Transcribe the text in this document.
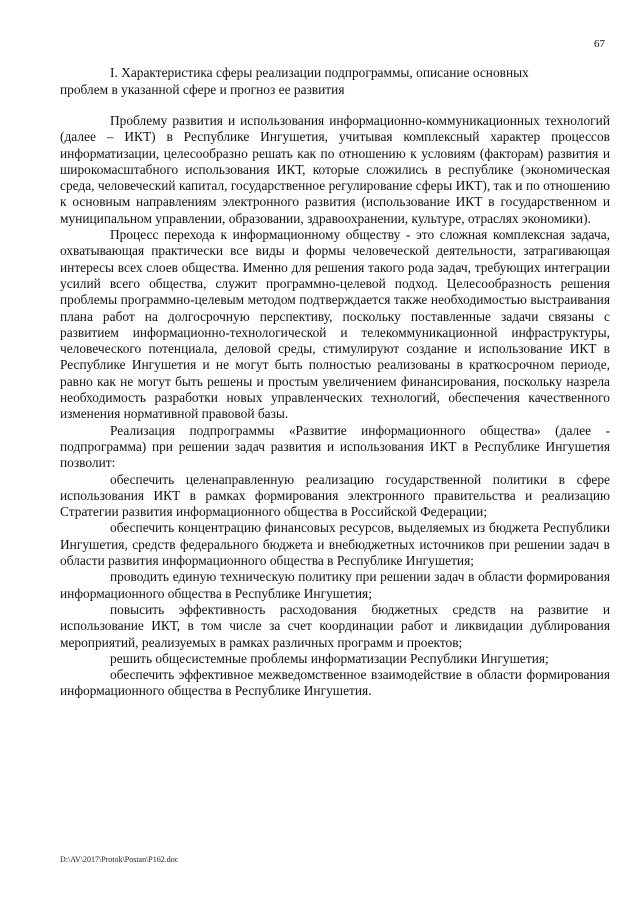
67
I. Характеристика сферы реализации подпрограммы, описание основных
проблем в указанной сфере и прогноз ее развития

Проблему развития и использования информационно-коммуникационных технологий (далее – ИКТ) в Республике Ингушетия, учитывая комплексный характер процессов информатизации, целесообразно решать как по отношению к условиям (факторам) развития и широкомасштабного использования ИКТ, которые сложились в республике (экономическая среда, человеческий капитал, государственное регулирование сферы ИКТ), так и по отношению к основным направлениям электронного развития (использование ИКТ в государственном и муниципальном управлении, образовании, здравоохранении, культуре, отраслях экономики).

Процесс перехода к информационному обществу - это сложная комплексная задача, охватывающая практически все виды и формы человеческой деятельности, затрагивающая интересы всех слоев общества. Именно для решения такого рода задач, требующих интеграции усилий всего общества, служит программно-целевой подход. Целесообразность решения проблемы программно-целевым методом подтверждается также необходимостью выстраивания плана работ на долгосрочную перспективу, поскольку поставленные задачи связаны с развитием информационно-технологической и телекоммуникационной инфраструктуры, человеческого потенциала, деловой среды, стимулируют создание и использование ИКТ в Республике Ингушетия и не могут быть полностью реализованы в краткосрочном периоде, равно как не могут быть решены и простым увеличением финансирования, поскольку назрела необходимость разработки новых управленческих технологий, обеспечения качественного изменения нормативной правовой базы.

Реализация подпрограммы «Развитие информационного общества» (далее - подпрограмма) при решении задач развития и использования ИКТ в Республике Ингушетия позволит:

обеспечить целенаправленную реализацию государственной политики в сфере использования ИКТ в рамках формирования электронного правительства и реализацию Стратегии развития информационного общества в Российской Федерации;

обеспечить концентрацию финансовых ресурсов, выделяемых из бюджета Республики Ингушетия, средств федерального бюджета и внебюджетных источников при решении задач в области развития информационного общества в Республике Ингушетия;

проводить единую техническую политику при решении задач в области формирования информационного общества в Республике Ингушетия;

повысить эффективность расходования бюджетных средств на развитие и использование ИКТ, в том числе за счет координации работ и ликвидации дублирования мероприятий, реализуемых в рамках различных программ и проектов;

решить общесистемные проблемы информатизации Республики Ингушетия;

обеспечить эффективное межведомственное взаимодействие в области формирования информационного общества в Республике Ингушетия.

D:\AV\2017\Protok\Postan\P162.doc
